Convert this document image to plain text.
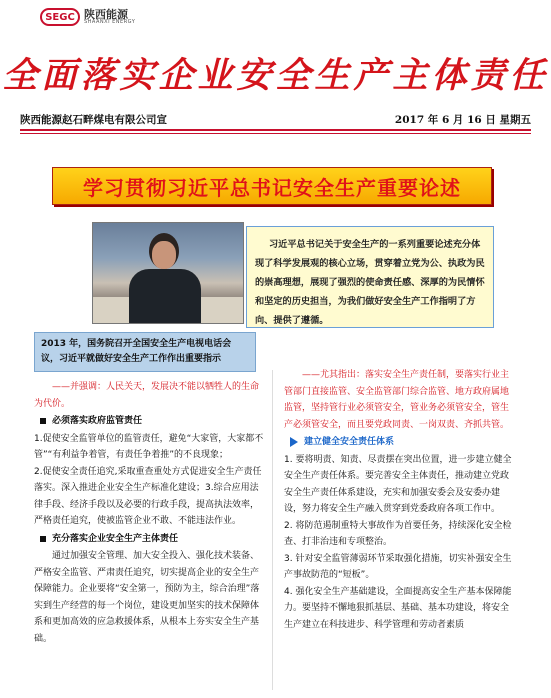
SEGC 陕西能源
SHAANXI ENERGY
全面落实企业安全生产主体责任
陕西能源赵石畔煤电有限公司宣	2017 年 6 月 16 日 星期五
学习贯彻习近平总书记安全生产重要论述
习近平总书记关于安全生产的一系列重要论述充分体现了科学发展观的核心立场，贯穿着立党为公、执政为民的崇高理想，展现了强烈的使命责任感、深厚的为民情怀和坚定的历史担当，为我们做好安全生产工作指明了方向、提供了遵循。
2013 年，国务院召开全国安全生产电视电话会议，习近平就做好安全生产工作作出重要指示

——并强调：人民关天，发展决不能以牺牲人的生命为代价。

必须落实政府监管责任

1.促使安全监管单位的监管责任，避免“大家管，大家都不管”“有利益争着管，有责任争着推”的不良现象；

2.促使安全责任追究,采取重查重处方式促进安全生产责任落实。深入推进企业安全生产标准化建设；3.综合应用法律手段、经济手段以及必要的行政手段，提高执法效率，严格责任追究，使被监管企业不敢、不能违法作业。

充分落实企业安全生产主体责任

通过加强安全管理、加大安全投入、强化技术装备、严格安全监管、严肃责任追究，切实提高企业的安全生产保障能力。企业要将“安全第一，预防为主，综合治理”落实到生产经营的每一个岗位，建设更加坚实的技术保障体系和更加高效的应急救援体系，从根本上夯实安全生产基础。

——尤其指出：落实安全生产责任制，要落实行业主管部门直接监管、安全监管部门综合监管、地方政府属地监管，坚持管行业必须管安全，管业务必须管安全，管生产必须管安全，而且要党政同责、一岗双责、齐抓共管。

建立健全安全责任体系

1. 要将明责、知责、尽责摆在突出位置，进一步建立健全安全生产责任体系。要完善安全主体责任，推动建立党政安全生产责任体系建设，充实和加强安委会及安委办建设，努力将安全生产融入贯穿到党委政府各项工作中。

2. 将防范遏制重特大事故作为首要任务，持续深化安全检查、打非治违和专项整治。

3. 针对安全监管薄弱环节采取强化措施，切实补强安全生产事故防范的“短板”。

4. 强化安全生产基础建设，全面提高安全生产基本保障能力。要坚持不懈地狠抓基层、基础、基本功建设，将安全生产建立在科技进步、科学管理和劳动者素质
